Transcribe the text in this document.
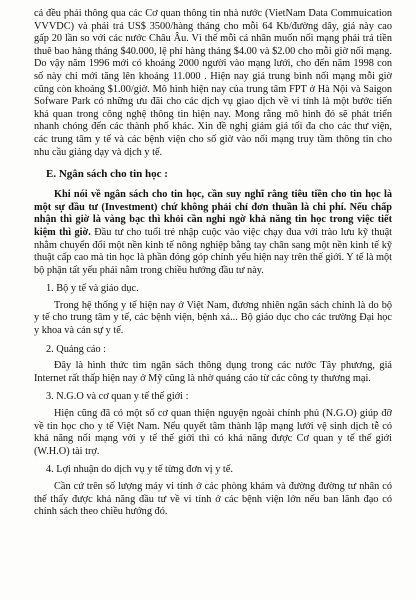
cả đều phải thông qua các Cơ quan thông tin nhà nước (VietNam Data Commuication VVVDC) và phải trả US$ 3500/hàng tháng cho mỗi 64 Kb/đường dây, giá này cao gấp 20 lần so với các nước Châu Âu. Vì thế mỗi cá nhân muốn nối mạng phải trả tiền thuê bao hàng tháng $40.000, lệ phí hàng tháng $4.00 và $2.00 cho mỗi giờ nối mạng. Do vậy năm 1996 mới có khoảng 2000 người vào mạng lưới, cho đến năm 1998 con số này chỉ mới tăng lên khoảng 11.000 . Hiện nay giá trung bình nối mạng mỗi giờ cũng còn khoảng $1.00/giờ. Mô hình hiện nay của trung tâm FPT ở Hà Nội và Saigon Sofware Park có những ưu đãi cho các dịch vụ giao dịch về vi tính là một bước tiến khả quan trong công nghệ thông tin hiện nay. Mong rằng mô hình đó sẽ phát triển nhanh chóng đến các thành phố khác. Xin đề nghị giảm giá tối đa cho các thư viện, các trung tâm y tế và các bệnh viện cho số giờ vào nối mạng truy tầm thông tin cho nhu cầu giảng dạy và dịch y tế.

E. Ngân sách cho tin học :

Khi nói về ngân sách cho tin học, cần suy nghĩ rằng tiêu tiền cho tin học là một sự đầu tư (Investment) chứ không phải chỉ đơn thuần là chi phí. Nếu chấp nhận thì giờ là vàng bạc thì khỏi cần nghi ngờ khả năng tin học trong việc tiết kiệm thì giờ. Đầu tư cho tuổi trẻ nhập cuộc vào việc chạy đua với trào lưu kỹ thuật nhằm chuyển đổi một nền kinh tế nông nghiệp bằng tay chân sang một nền kinh tế kỹ thuật cấp cao mà tin học là phần đóng góp chính yếu hiện nay trên thế giới. Y tế là một bộ phận tất yếu phải nằm trong chiều hướng đầu tư này.

1. Bộ y tế và giáo dục.

Trong hệ thống y tế hiện nay ở Việt Nam, đương nhiên ngân sách chính là do bộ y tế cho trung tâm y tế, các bệnh viện, bệnh xá... Bộ giáo dục cho các trường Đại học y khoa và cán sự y tế.

2. Quảng cáo :

Đây là hình thức tìm ngân sách thông dụng trong các nước Tây phương, giá Internet rất thấp hiện nay ở Mỹ cũng là nhờ quảng cáo từ các công ty thương mại.

3. N.G.O và cơ quan y tế thế giới :

Hiện cũng đã có một số cơ quan thiện nguyện ngoài chính phủ (N.G.O) giúp đỡ về tin học cho y tế Việt Nam. Nếu quyết tâm thành lập mạng lưới vệ sinh dịch tễ có khả năng nối mạng với y tế thế giới thì có khả năng được Cơ quan y tế thế giới (W.H.O) tài trợ.

4. Lợi nhuận do dịch vụ y tế từng đơn vị y tế.

Cần cứ trên số lượng máy vi tính ở các phòng khám và đường đường tư nhân có thể thấy được khả năng đầu tư về vi tính ở các bệnh viện lớn nếu ban lãnh đạo có chính sách theo chiều hướng đó.
